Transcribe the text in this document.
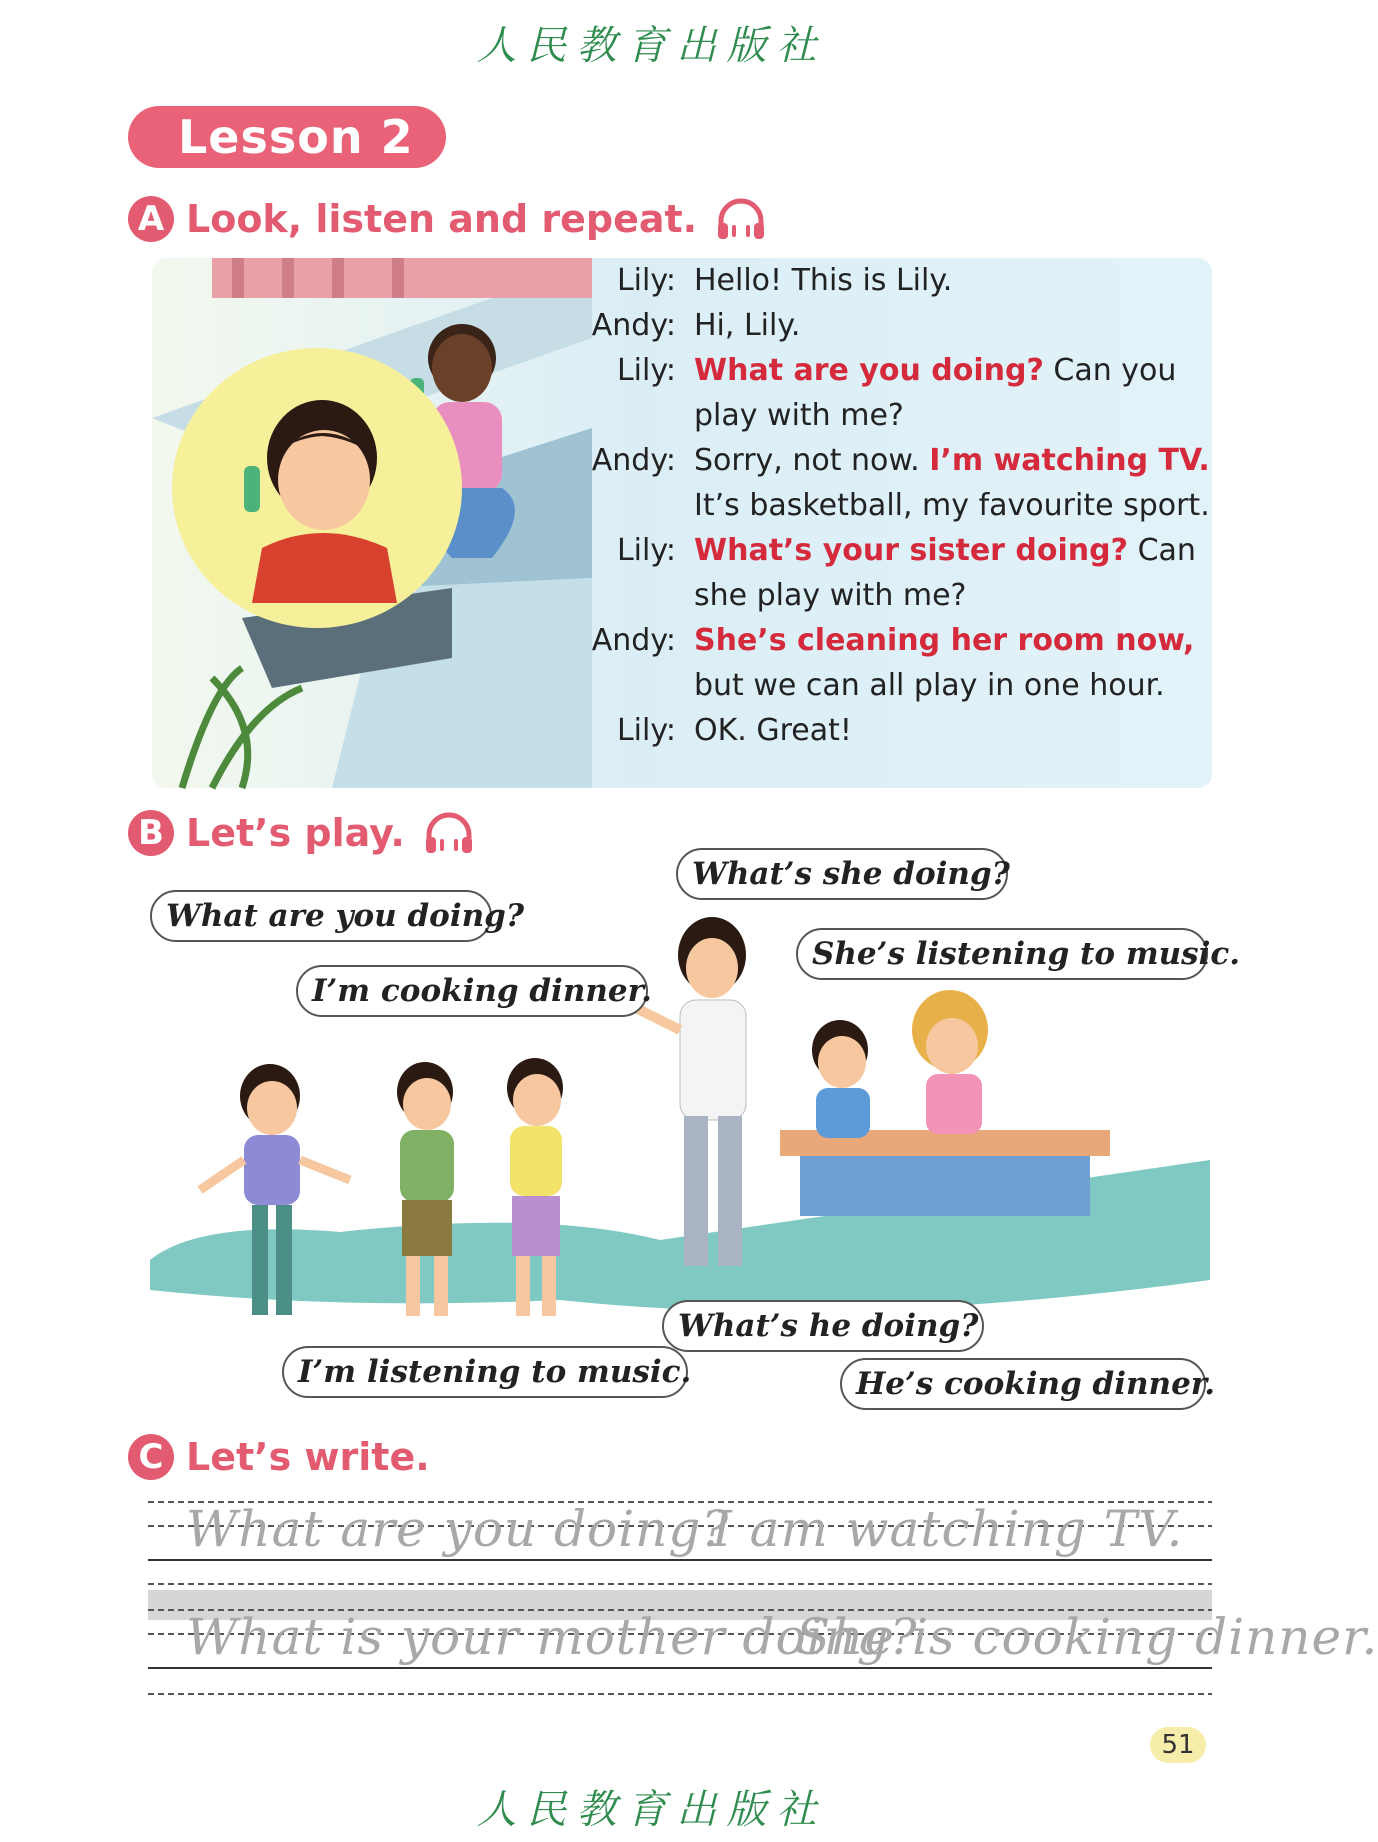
人民教育出版社
Lesson 2
A Look, listen and repeat.
Lily: Hello! This is Lily.
Andy: Hi, Lily.
Lily: What are you doing? Can you play with me?
Andy: Sorry, not now. I’m watching TV. It’s basketball, my favourite sport.
Lily: What’s your sister doing? Can she play with me?
Andy: She’s cleaning her room now, but we can all play in one hour.
Lily: OK. Great!
B Let’s play.
What are you doing?
I’m cooking dinner.
What’s she doing?
She’s listening to music.
I’m listening to music.
What’s he doing?
He’s cooking dinner.
C Let’s write.
What are you doing?
I am watching TV.
What is your mother doing?
She is cooking dinner.
51
人民教育出版社
